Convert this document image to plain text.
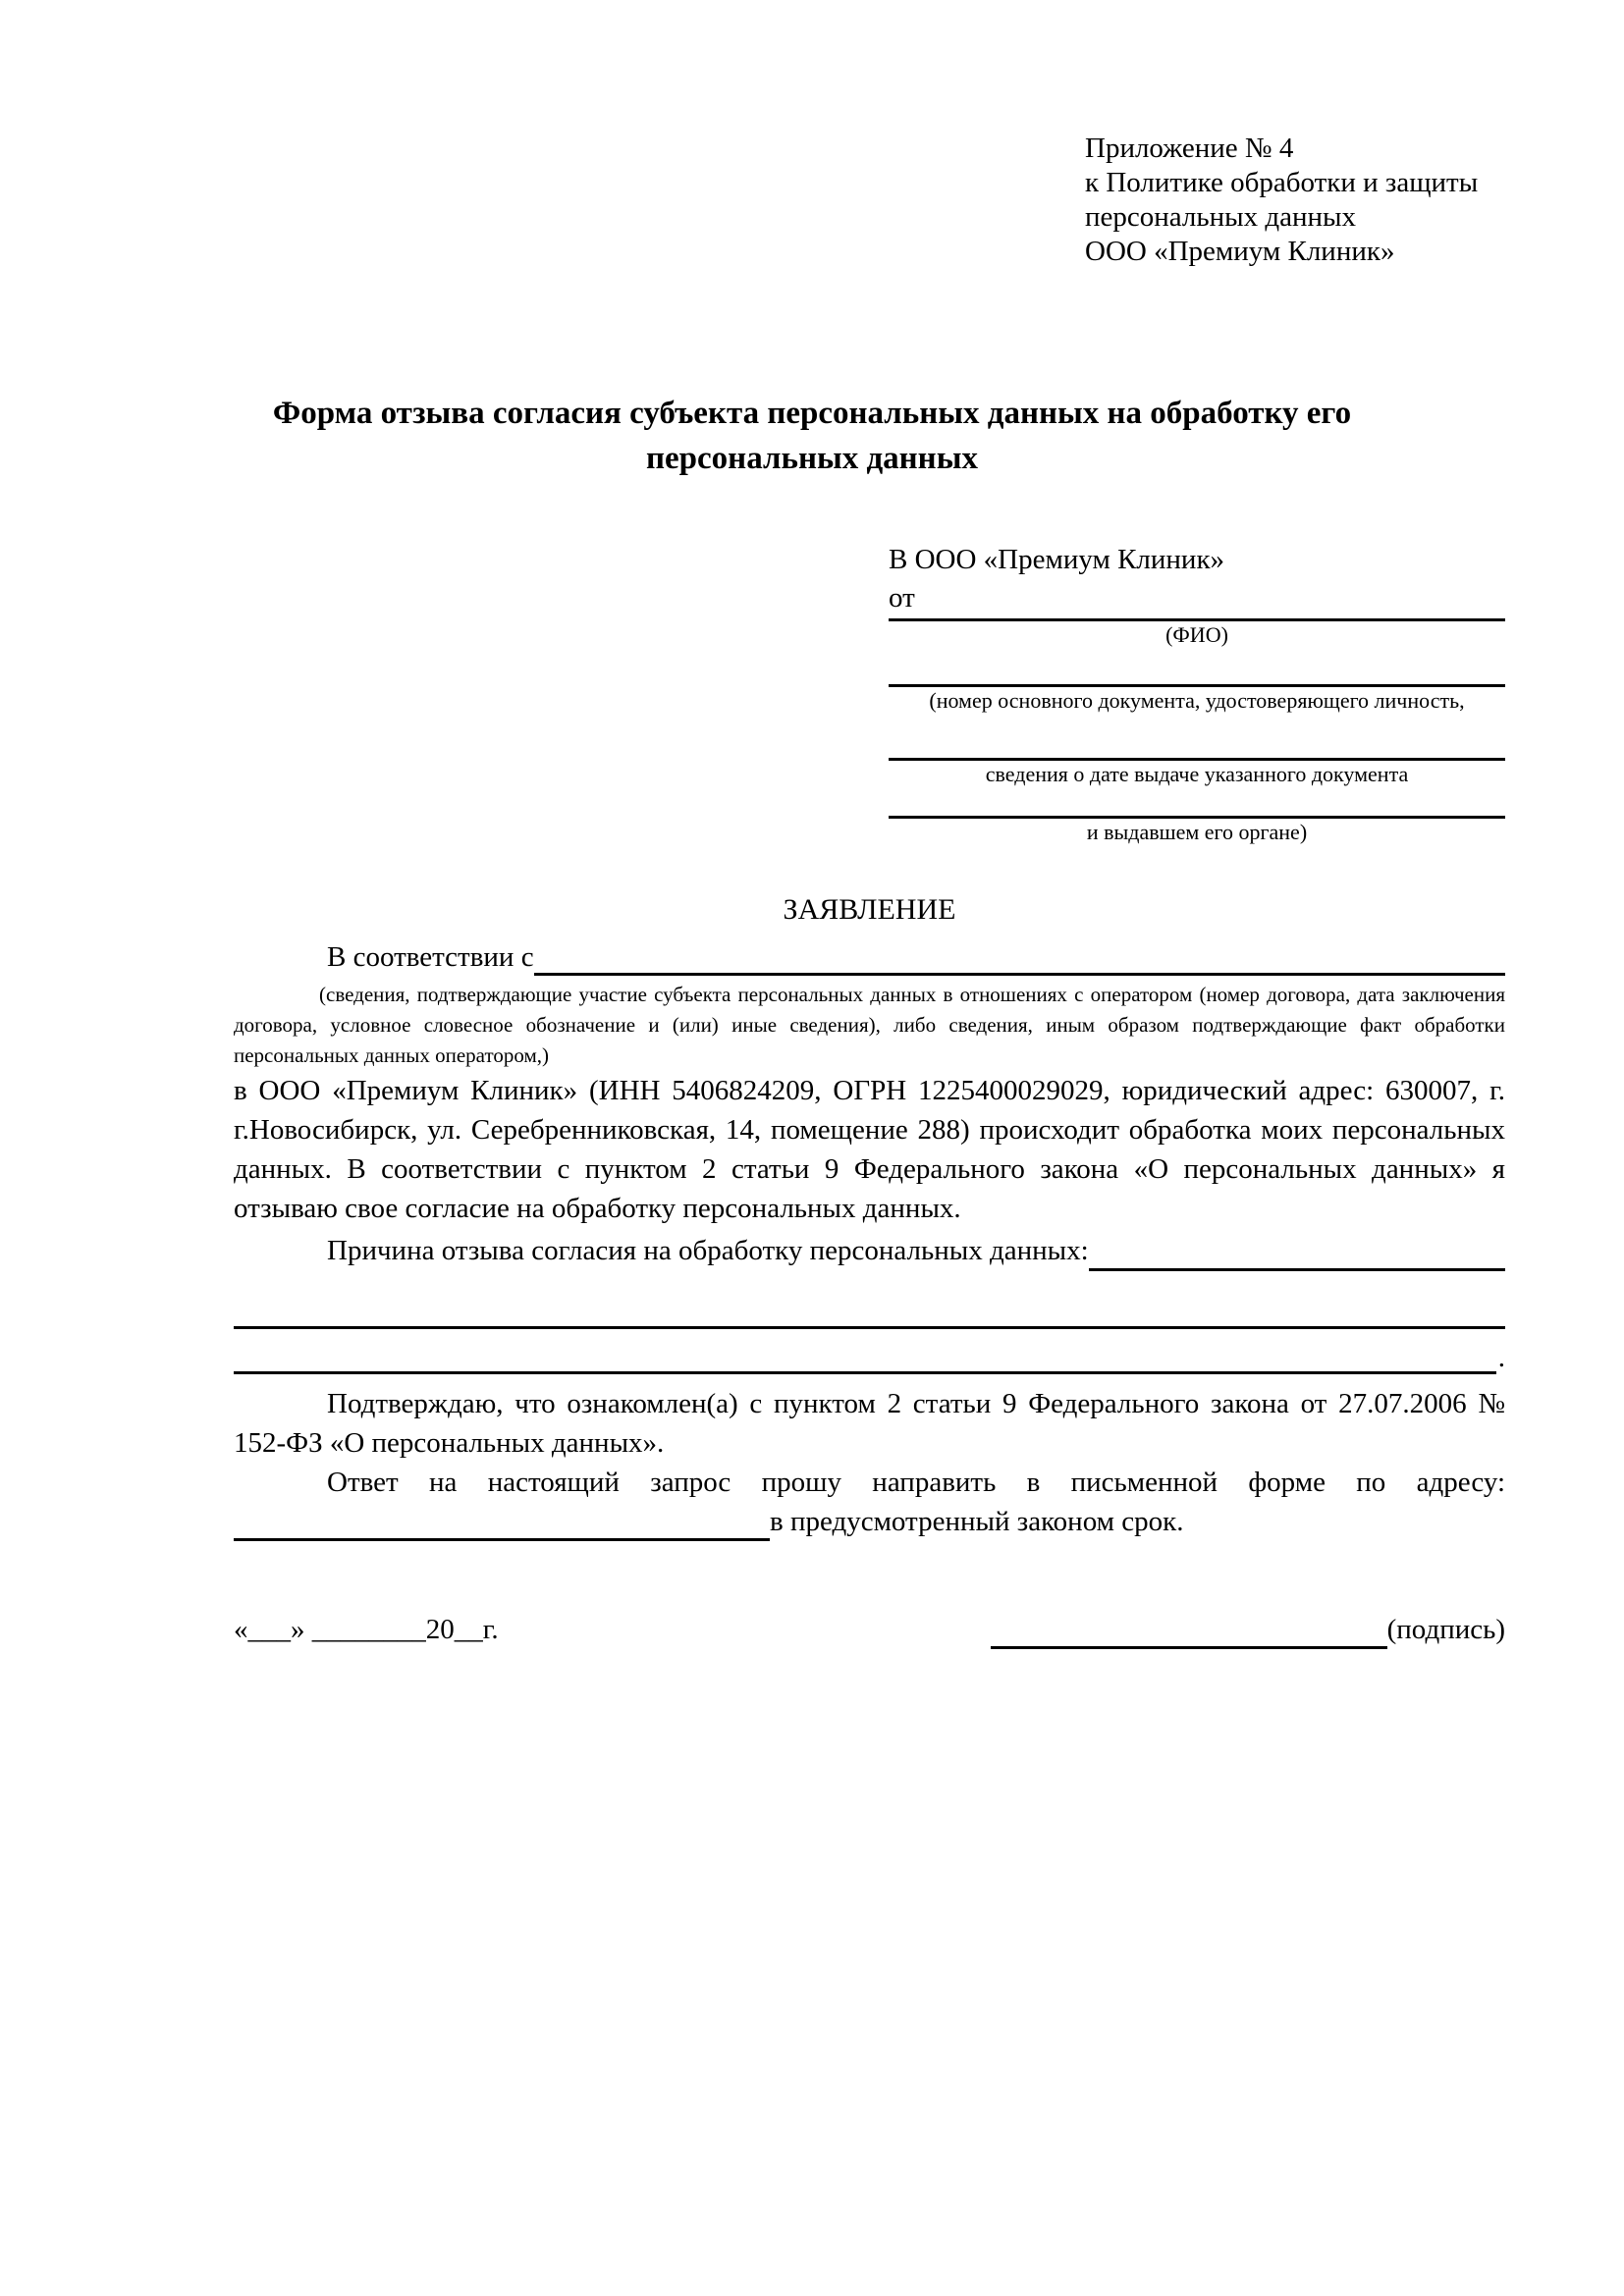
Приложение № 4
к Политике обработки и защиты
персональных данных
ООО «Премиум Клиник»
Форма отзыва согласия субъекта персональных данных на обработку его персональных данных
В ООО «Премиум Клиник»
от
(ФИО)
(номер основного документа, удостоверяющего личность,
сведения о дате выдаче указанного документа
и выдавшем его органе)
ЗАЯВЛЕНИЕ
В соответствии с

(сведения, подтверждающие участие субъекта персональных данных в отношениях с оператором (номер договора, дата заключения договора, условное словесное обозначение и (или) иные сведения), либо сведения, иным образом подтверждающие факт обработки персональных данных оператором,)

в ООО «Премиум Клиник» (ИНН 5406824209, ОГРН 1225400029029, юридический адрес: 630007, г. г.Новосибирск, ул. Серебренниковская, 14, помещение 288) происходит обработка моих персональных данных. В соответствии с пунктом 2 статьи 9 Федерального закона «О персональных данных» я отзываю свое согласие на обработку персональных данных.

Причина отзыва согласия на обработку персональных данных:
.

Подтверждаю, что ознакомлен(а) с пунктом 2 статьи 9 Федерального закона от 27.07.2006 № 152-ФЗ «О персональных данных».

Ответ на настоящий запрос прошу направить в письменной форме по адресу:

в предусмотренный законом срок.
«___» ________20__г.	(подпись)
